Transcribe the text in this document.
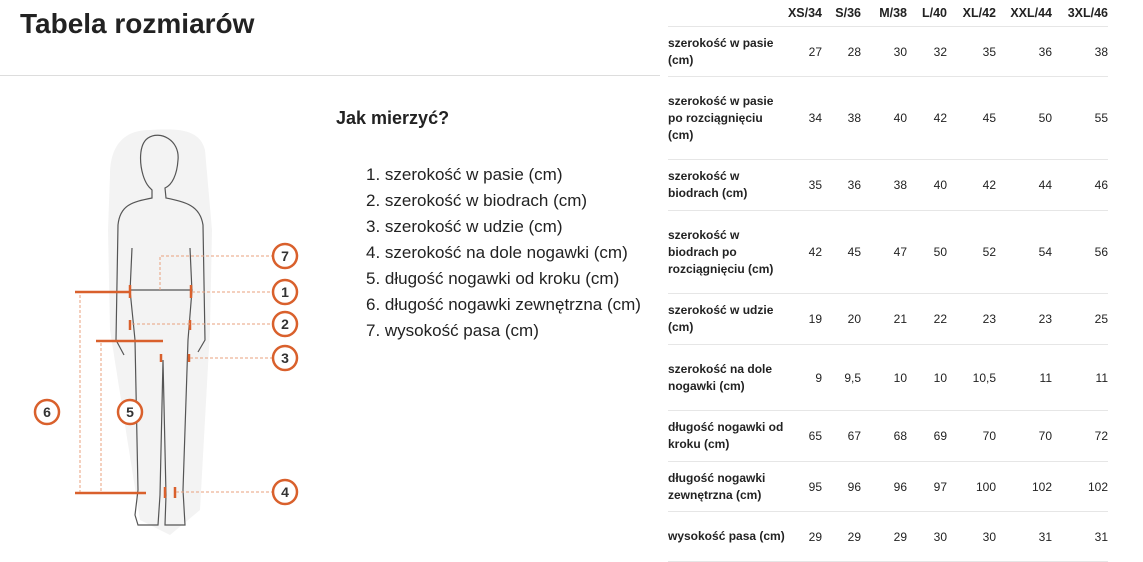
Tabela rozmiarów
7
1
2
3
4
5
6
Jak mierzyć?
1. szerokość w pasie (cm)
2. szerokość w biodrach (cm)
3. szerokość w udzie (cm)
4. szerokość na dole nogawki (cm)
5. długość nogawki od kroku (cm)
6. długość nogawki zewnętrzna (cm)
7. wysokość pasa (cm)
XS/34	S/36	M/38	L/40	XL/42	XXL/44	3XL/46
szerokość w pasie (cm)
27	28	30	32	35	36	38
szerokość w pasie po rozciągnięciu (cm)
34	38	40	42	45	50	55
szerokość w biodrach (cm)
35	36	38	40	42	44	46
szerokość w biodrach po rozciągnięciu (cm)
42	45	47	50	52	54	56
szerokość w udzie (cm)
19	20	21	22	23	23	25
szerokość na dole nogawki (cm)
9	9,5	10	10	10,5	11	11
długość nogawki od kroku (cm)
65	67	68	69	70	70	72
długość nogawki zewnętrzna (cm)
95	96	96	97	100	102	102
wysokość pasa (cm)	29	29	29	30	30	31	31
